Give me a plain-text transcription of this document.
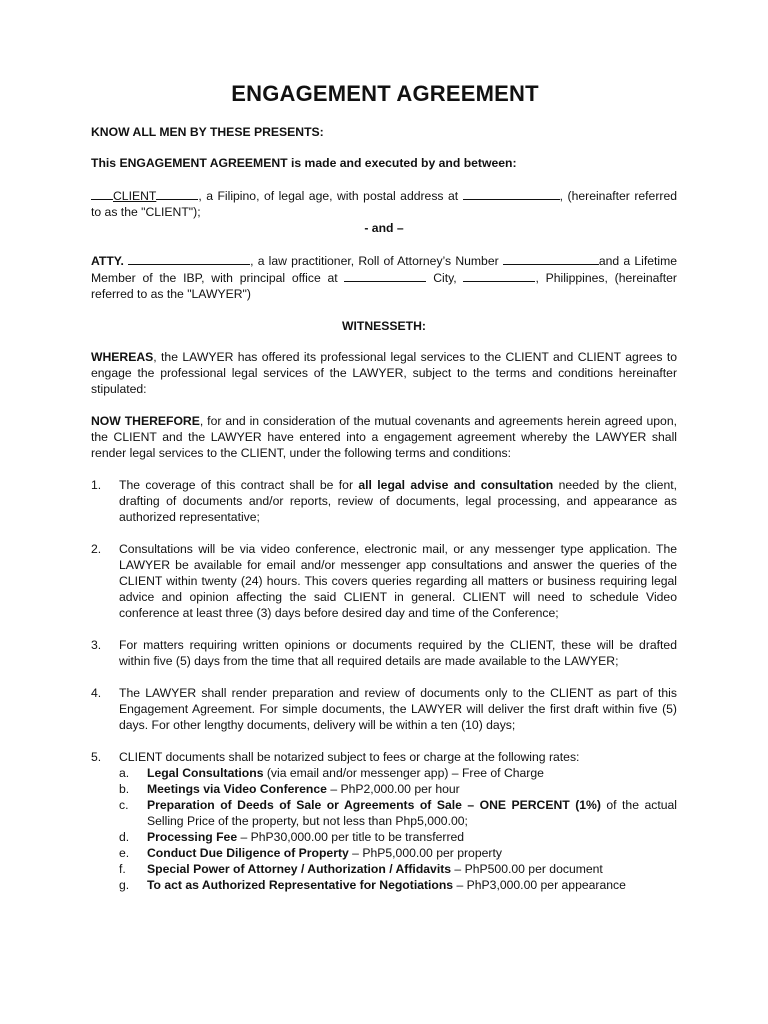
ENGAGEMENT AGREEMENT

KNOW ALL MEN BY THESE PRESENTS:

This ENGAGEMENT AGREEMENT is made and executed by and between:

CLIENT	, a Filipino, of legal age, with postal address at	, (hereinafter referred to as the "CLIENT");

- and –

ATTY.	, a law practitioner, Roll of Attorney’s Number	and a Lifetime Member of the IBP, with principal office at	City,	, Philippines, (hereinafter referred to as the "LAWYER")

WITNESSETH:

WHEREAS, the LAWYER has offered its professional legal services to the CLIENT and CLIENT agrees to engage the professional legal services of the LAWYER, subject to the terms and conditions hereinafter stipulated:

NOW THEREFORE, for and in consideration of the mutual covenants and agreements herein agreed upon, the CLIENT and the LAWYER have entered into a engagement agreement whereby the LAWYER shall render legal services to the CLIENT, under the following terms and conditions:

1. The coverage of this contract shall be for all legal advise and consultation needed by the client, drafting of documents and/or reports, review of documents, legal processing, and appearance as authorized representative;
2. Consultations will be via video conference, electronic mail, or any messenger type application. The LAWYER be available for email and/or messenger app consultations and answer the queries of the CLIENT within twenty (24) hours. This covers queries regarding all matters or business requiring legal advice and opinion affecting the said CLIENT in general. CLIENT will need to schedule Video conference at least three (3) days before desired day and time of the Conference;
3. For matters requiring written opinions or documents required by the CLIENT, these will be drafted within five (5) days from the time that all required details are made available to the LAWYER;
4. The LAWYER shall render preparation and review of documents only to the CLIENT as part of this Engagement Agreement. For simple documents, the LAWYER will deliver the first draft within five (5) days. For other lengthy documents, delivery will be within a ten (10) days;
5. CLIENT documents shall be notarized subject to fees or charge at the following rates:
a. Legal Consultations (via email and/or messenger app) – Free of Charge
b. Meetings via Video Conference – PhP2,000.00 per hour
c. Preparation of Deeds of Sale or Agreements of Sale – ONE PERCENT (1%) of the actual Selling Price of the property, but not less than Php5,000.00;
d. Processing Fee – PhP30,000.00 per title to be transferred
e. Conduct Due Diligence of Property – PhP5,000.00 per property
f. Special Power of Attorney / Authorization / Affidavits – PhP500.00 per document
g. To act as Authorized Representative for Negotiations – PhP3,000.00 per appearance
